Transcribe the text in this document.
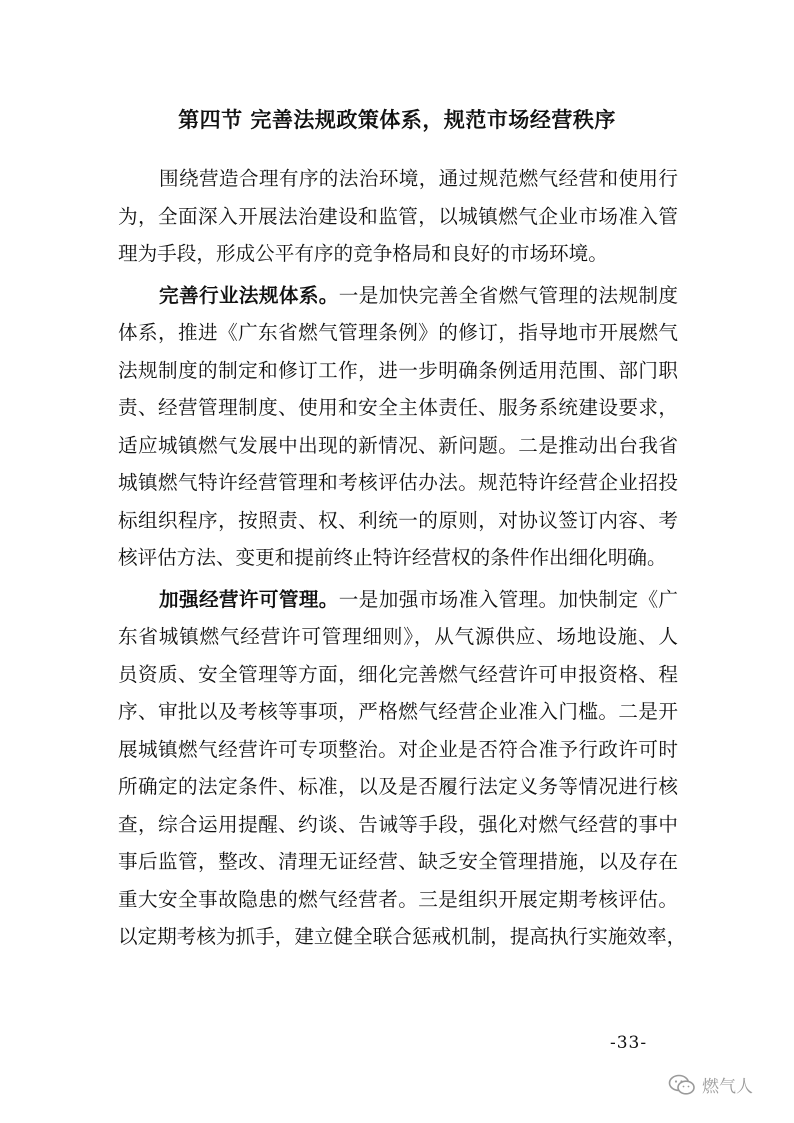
第四节 完善法规政策体系，规范市场经营秩序
围绕营造合理有序的法治环境，通过规范燃气经营和使用行
为，全面深入开展法治建设和监管，以城镇燃气企业市场准入管
理为手段，形成公平有序的竞争格局和良好的市场环境。
完善行业法规体系。一是加快完善全省燃气管理的法规制度
体系，推进《广东省燃气管理条例》的修订，指导地市开展燃气
法规制度的制定和修订工作，进一步明确条例适用范围、部门职
责、经营管理制度、使用和安全主体责任、服务系统建设要求，
适应城镇燃气发展中出现的新情况、新问题。二是推动出台我省
城镇燃气特许经营管理和考核评估办法。规范特许经营企业招投
标组织程序，按照责、权、利统一的原则，对协议签订内容、考
核评估方法、变更和提前终止特许经营权的条件作出细化明确。
加强经营许可管理。一是加强市场准入管理。加快制定《广
东省城镇燃气经营许可管理细则》，从气源供应、场地设施、人
员资质、安全管理等方面，细化完善燃气经营许可申报资格、程
序、审批以及考核等事项，严格燃气经营企业准入门槛。二是开
展城镇燃气经营许可专项整治。对企业是否符合准予行政许可时
所确定的法定条件、标准，以及是否履行法定义务等情况进行核
查，综合运用提醒、约谈、告诫等手段，强化对燃气经营的事中
事后监管，整改、清理无证经营、缺乏安全管理措施，以及存在
重大安全事故隐患的燃气经营者。三是组织开展定期考核评估。
以定期考核为抓手，建立健全联合惩戒机制，提高执行实施效率，
-33-
燃气人
